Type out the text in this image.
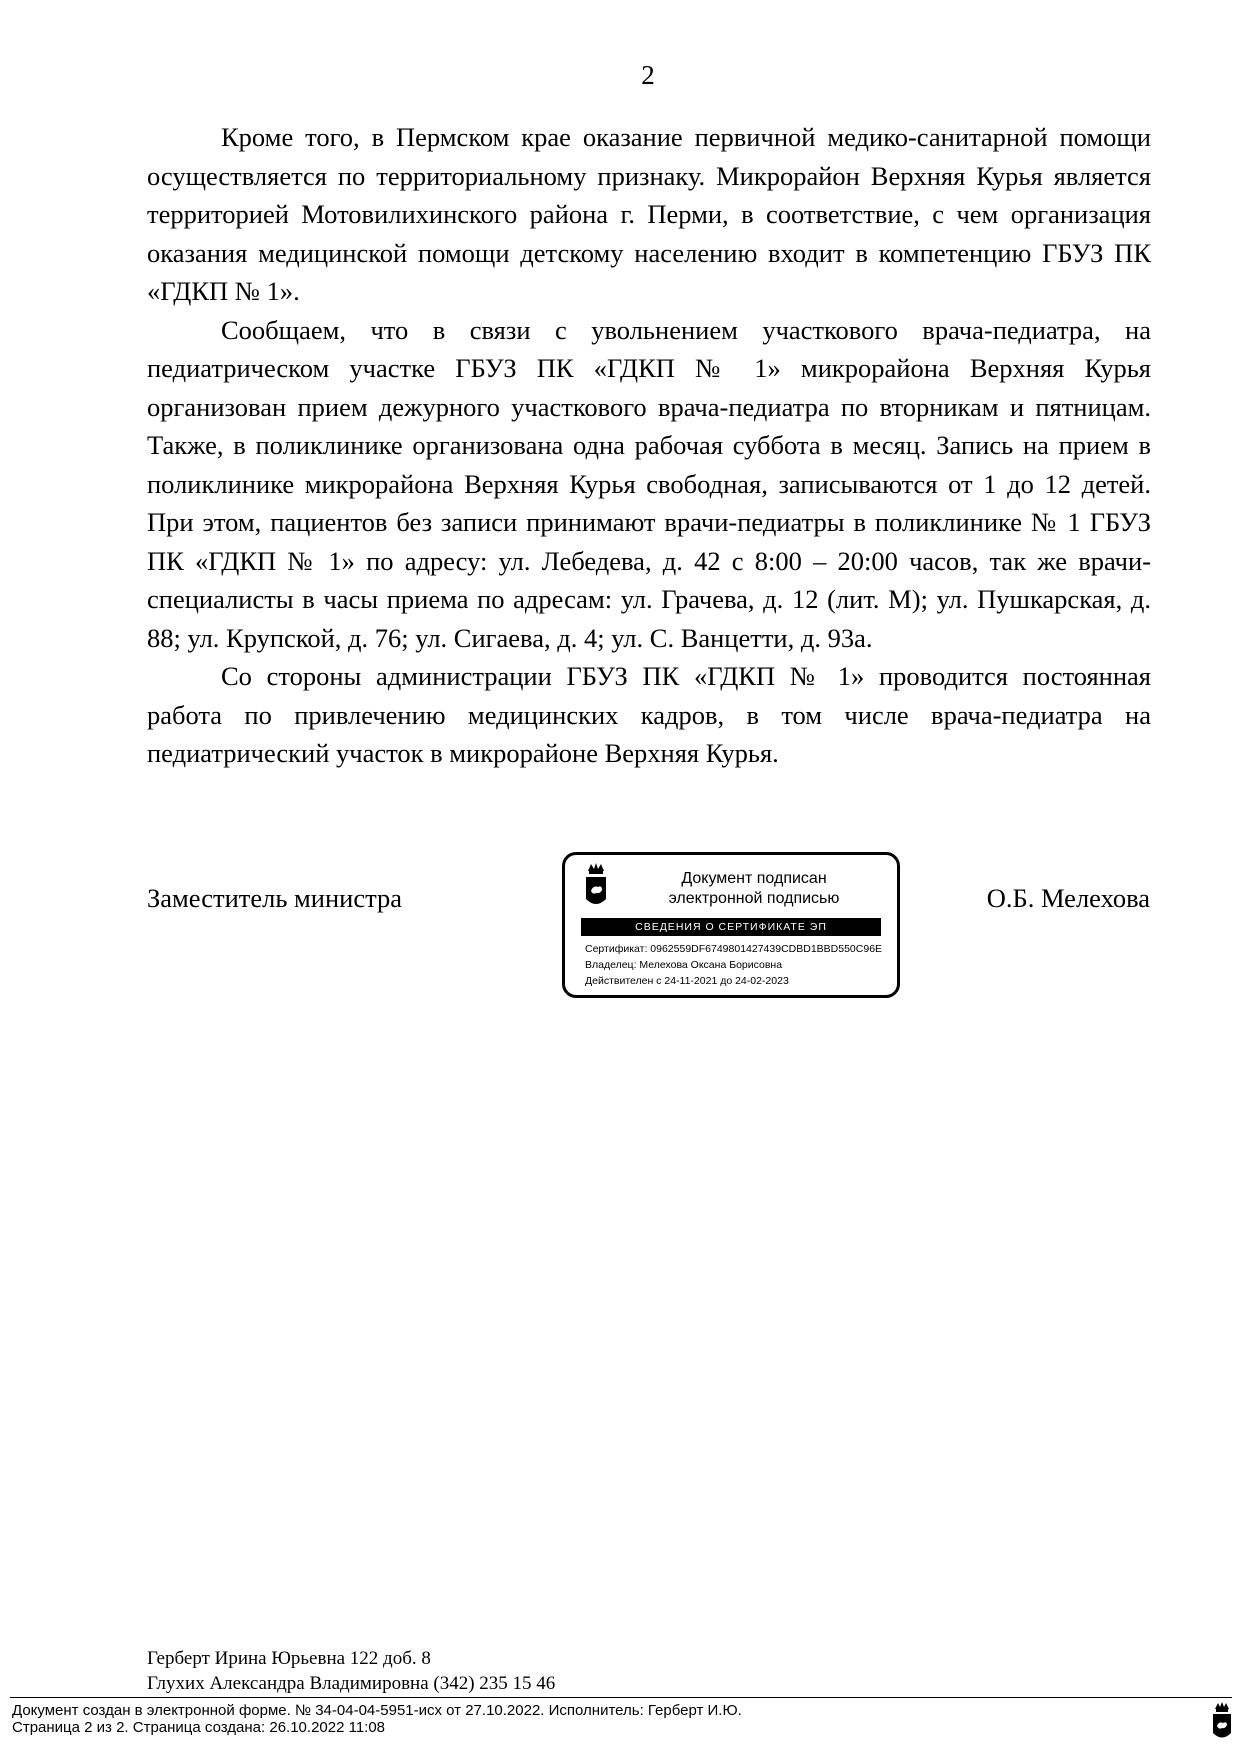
2

Кроме того, в Пермском крае оказание первичной медико-санитарной помощи осуществляется по территориальному признаку. Микрорайон Верхняя Курья является территорией Мотовилихинского района г. Перми, в соответствие, с чем организация оказания медицинской помощи детскому населению входит в компетенцию ГБУЗ ПК «ГДКП № 1».

Сообщаем, что в связи с увольнением участкового врача-педиатра, на педиатрическом участке ГБУЗ ПК «ГДКП № 1» микрорайона Верхняя Курья организован прием дежурного участкового врача-педиатра по вторникам и пятницам. Также, в поликлинике организована одна рабочая суббота в месяц. Запись на прием в поликлинике микрорайона Верхняя Курья свободная, записываются от 1 до 12 детей. При этом, пациентов без записи принимают врачи-педиатры в поликлинике № 1 ГБУЗ ПК «ГДКП № 1» по адресу: ул. Лебедева, д. 42 с 8:00 – 20:00 часов, так же врачи-специалисты в часы приема по адресам: ул. Грачева, д. 12 (лит. М); ул. Пушкарская, д. 88; ул. Крупской, д. 76; ул. Сигаева, д. 4; ул. С. Ванцетти, д. 93а.

Со стороны администрации ГБУЗ ПК «ГДКП № 1» проводится постоянная работа по привлечению медицинских кадров, в том числе врача-педиатра на педиатрический участок в микрорайоне Верхняя Курья.

Заместитель министра	О.Б. Мелехова
Документ подписан
электронной подписью
СВЕДЕНИЯ О СЕРТИФИКАТЕ ЭП
Сертификат: 0962559DF6749801427439CDBD1BBD550C96E
Владелец: Мелехова Оксана Борисовна
Действителен с 24-11-2021 до 24-02-2023
Герберт Ирина Юрьевна 122 доб. 8
Глухих Александра Владимировна (342) 235 15 46
Документ создан в электронной форме. № 34-04-04-5951-исх от 27.10.2022. Исполнитель: Герберт И.Ю.
Страница 2 из 2. Страница создана: 26.10.2022 11:08
